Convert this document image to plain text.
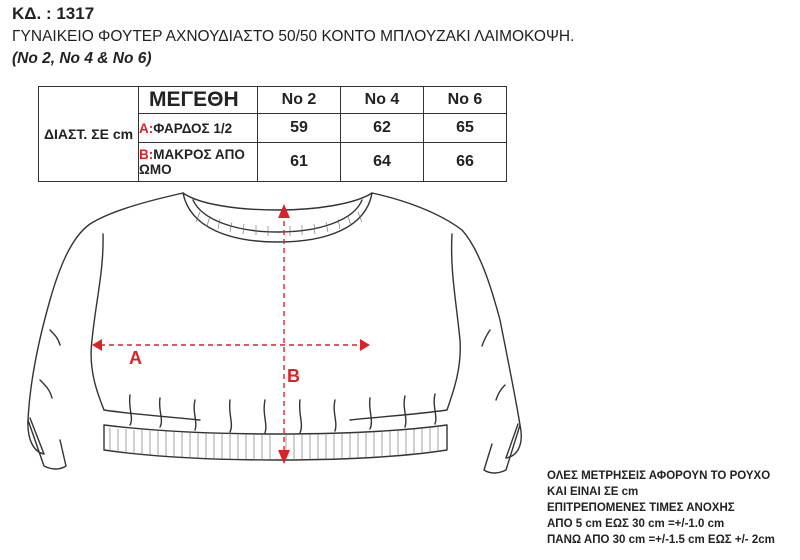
ΚΔ. : 1317
ΓΥΝΑΙΚΕΙΟ ΦΟΥΤΕΡ ΑΧΝΟΥΔΙΑΣΤΟ 50/50 ΚΟΝΤΟ ΜΠΛΟΥΖΑΚΙ ΛΑΙΜΟΚΟΨΗ.
(No 2, No 4 & No 6)
ΔΙΑΣΤ. ΣΕ cm	ΜΕΓΕΘΗ	No 2	No 4	No 6
	A:ΦΑΡΔΟΣ 1/2	59	62	65
	B:ΜΑΚΡΟΣ ΑΠΟ ΩΜΟ	61	64	66
A
B
ΟΛΕΣ ΜΕΤΡΗΣΕΙΣ ΑΦΟΡΟΥΝ ΤΟ ΡΟΥΧΟ
ΚΑΙ ΕΙΝΑΙ ΣΕ cm
ΕΠΙΤΡΕΠΟΜΕΝΕΣ ΤΙΜΕΣ ΑΝΟΧΗΣ
ΑΠΟ 5 cm ΕΩΣ 30 cm =+/-1.0 cm
ΠΑΝΩ ΑΠΟ 30 cm =+/-1.5 cm ΕΩΣ +/- 2cm
